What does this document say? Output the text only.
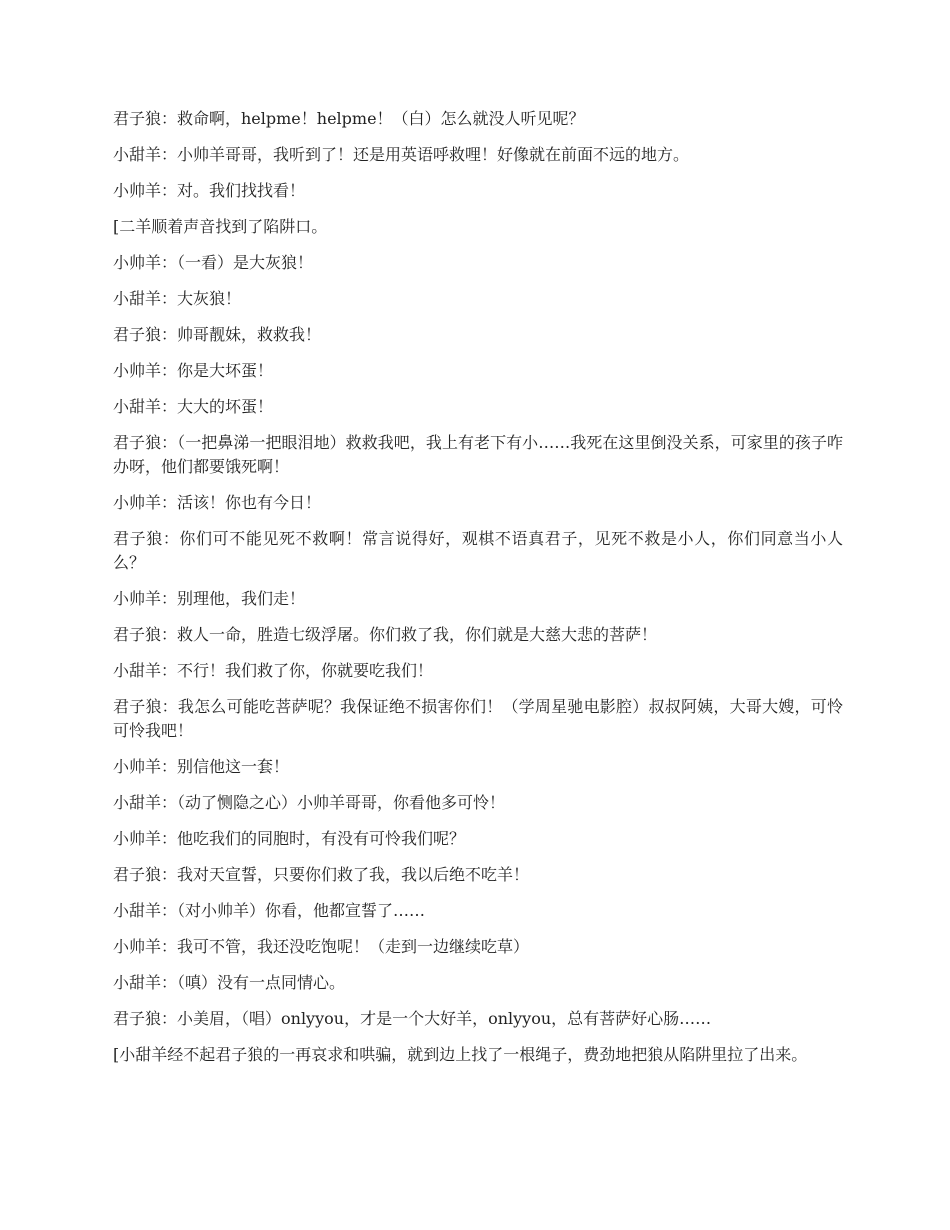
君子狼：救命啊，helpme！helpme！（白）怎么就没人听见呢？

小甜羊：小帅羊哥哥，我听到了！还是用英语呼救哩！好像就在前面不远的地方。

小帅羊：对。我们找找看！

[二羊顺着声音找到了陷阱口。

小帅羊：（一看）是大灰狼！

小甜羊：大灰狼！

君子狼：帅哥靓妹，救救我！

小帅羊：你是大坏蛋！

小甜羊：大大的坏蛋！

君子狼：（一把鼻涕一把眼泪地）救救我吧，我上有老下有小……我死在这里倒没关系，可家里的孩子咋办呀，他们都要饿死啊！

小帅羊：活该！你也有今日！

君子狼：你们可不能见死不救啊！常言说得好，观棋不语真君子，见死不救是小人，你们同意当小人么？

小帅羊：别理他，我们走！

君子狼：救人一命，胜造七级浮屠。你们救了我，你们就是大慈大悲的菩萨！

小甜羊：不行！我们救了你，你就要吃我们！

君子狼：我怎么可能吃菩萨呢？我保证绝不损害你们！（学周星驰电影腔）叔叔阿姨，大哥大嫂，可怜可怜我吧！

小帅羊：别信他这一套！

小甜羊：（动了恻隐之心）小帅羊哥哥，你看他多可怜！

小帅羊：他吃我们的同胞时，有没有可怜我们呢？

君子狼：我对天宣誓，只要你们救了我，我以后绝不吃羊！

小甜羊：（对小帅羊）你看，他都宣誓了……

小帅羊：我可不管，我还没吃饱呢！（走到一边继续吃草）

小甜羊：（嗔）没有一点同情心。

君子狼：小美眉，（唱）onlyyou，才是一个大好羊，onlyyou，总有菩萨好心肠……

[小甜羊经不起君子狼的一再哀求和哄骗，就到边上找了一根绳子，费劲地把狼从陷阱里拉了出来。
